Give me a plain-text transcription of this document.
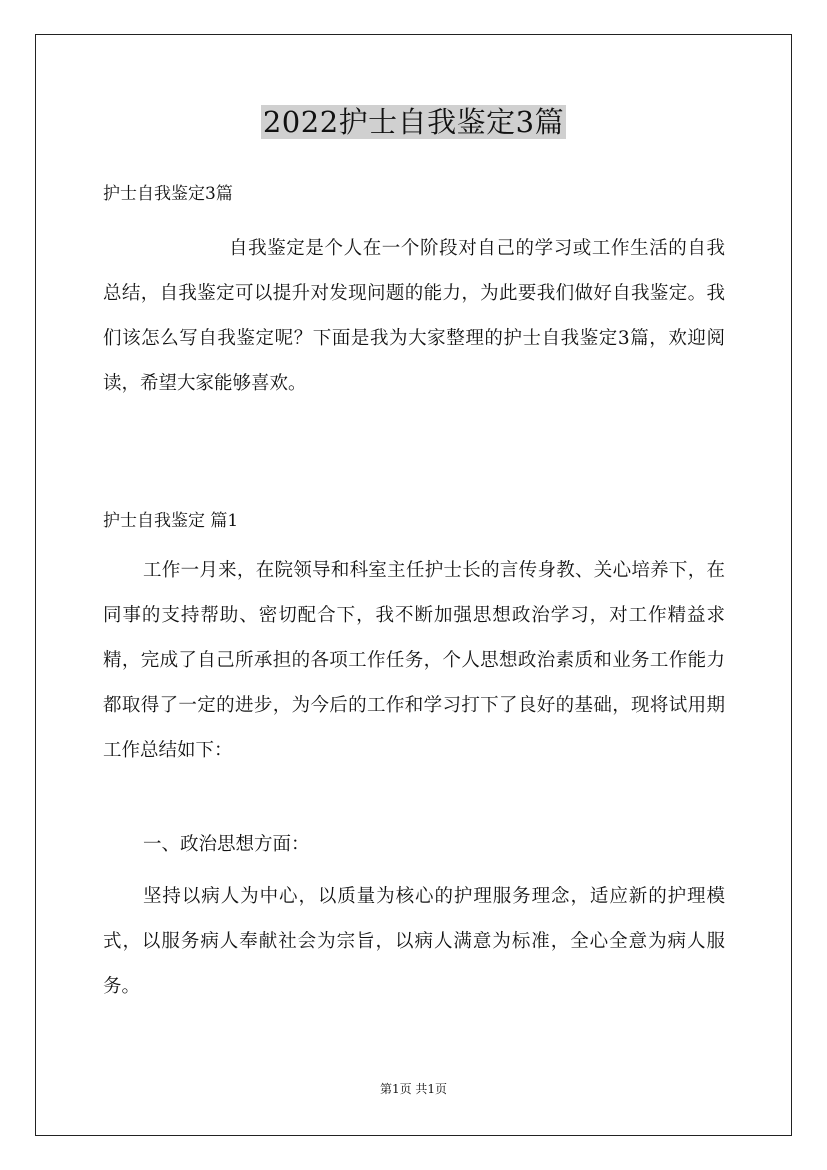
2022护士自我鉴定3篇

护士自我鉴定3篇

自我鉴定是个人在一个阶段对自己的学习或工作生活的自我总结，自我鉴定可以提升对发现问题的能力，为此要我们做好自我鉴定。我们该怎么写自我鉴定呢？下面是我为大家整理的护士自我鉴定3篇，欢迎阅读，希望大家能够喜欢。

护士自我鉴定 篇1

工作一月来，在院领导和科室主任护士长的言传身教、关心培养下，在同事的支持帮助、密切配合下，我不断加强思想政治学习，对工作精益求精，完成了自己所承担的各项工作任务，个人思想政治素质和业务工作能力都取得了一定的进步，为今后的工作和学习打下了良好的基础，现将试用期工作总结如下：

一、政治思想方面：

坚持以病人为中心，以质量为核心的护理服务理念，适应新的护理模式，以服务病人奉献社会为宗旨，以病人满意为标准，全心全意为病人服务。

第1页 共1页
